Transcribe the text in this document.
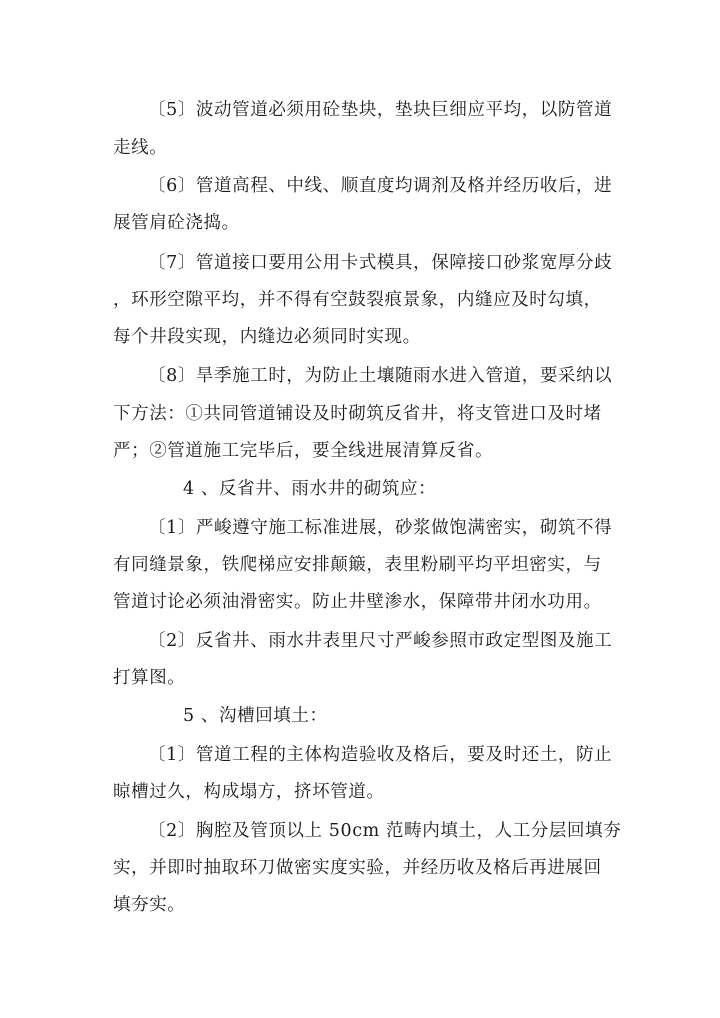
〔5〕波动管道必须用砼垫块，垫块巨细应平均，以防管道
走线。
〔6〕管道高程、中线、顺直度均调剂及格并经历收后，进
展管肩砼浇捣。
〔7〕管道接口要用公用卡式模具，保障接口砂浆宽厚分歧
，环形空隙平均，并不得有空鼓裂痕景象，内缝应及时勾填，
每个井段实现，内缝边必须同时实现。
〔8〕旱季施工时，为防止土壤随雨水进入管道，要采纳以
下方法：①共同管道铺设及时砌筑反省井，将支管进口及时堵
严；②管道施工完毕后，要全线进展清算反省。
4 、反省井、雨水井的砌筑应：
〔1〕严峻遵守施工标准进展，砂浆做饱满密实，砌筑不得
有同缝景象，铁爬梯应安排颠簸，表里粉刷平均平坦密实，与
管道讨论必须油滑密实。防止井壁渗水，保障带井闭水功用。
〔2〕反省井、雨水井表里尺寸严峻参照市政定型图及施工
打算图。
5 、沟槽回填土：
〔1〕管道工程的主体构造验收及格后，要及时还土，防止
晾槽过久，构成塌方，挤坏管道。
〔2〕胸腔及管顶以上 50cm 范畴内填土，人工分层回填夯
实，并即时抽取环刀做密实度实验，并经历收及格后再进展回
填夯实。
